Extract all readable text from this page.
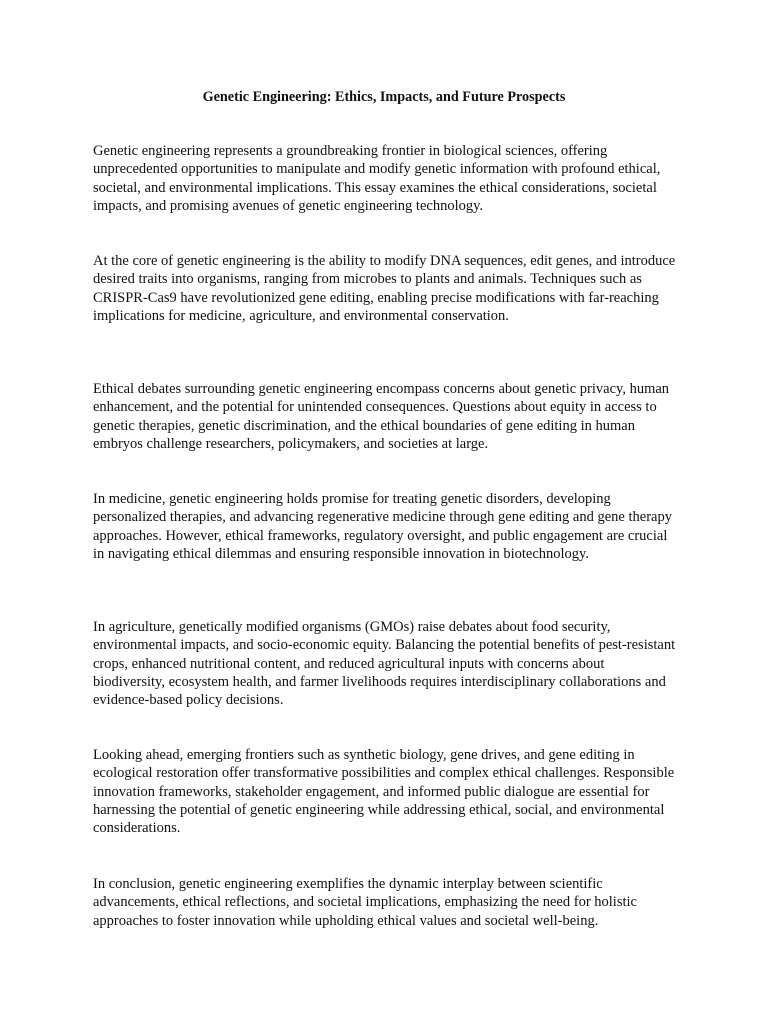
Genetic Engineering: Ethics, Impacts, and Future Prospects

Genetic engineering represents a groundbreaking frontier in biological sciences, offering unprecedented opportunities to manipulate and modify genetic information with profound ethical, societal, and environmental implications. This essay examines the ethical considerations, societal impacts, and promising avenues of genetic engineering technology.

At the core of genetic engineering is the ability to modify DNA sequences, edit genes, and introduce desired traits into organisms, ranging from microbes to plants and animals. Techniques such as CRISPR-Cas9 have revolutionized gene editing, enabling precise modifications with far-reaching implications for medicine, agriculture, and environmental conservation.

Ethical debates surrounding genetic engineering encompass concerns about genetic privacy, human enhancement, and the potential for unintended consequences. Questions about equity in access to genetic therapies, genetic discrimination, and the ethical boundaries of gene editing in human embryos challenge researchers, policymakers, and societies at large.

In medicine, genetic engineering holds promise for treating genetic disorders, developing personalized therapies, and advancing regenerative medicine through gene editing and gene therapy approaches. However, ethical frameworks, regulatory oversight, and public engagement are crucial in navigating ethical dilemmas and ensuring responsible innovation in biotechnology.

In agriculture, genetically modified organisms (GMOs) raise debates about food security, environmental impacts, and socio-economic equity. Balancing the potential benefits of pest-resistant crops, enhanced nutritional content, and reduced agricultural inputs with concerns about biodiversity, ecosystem health, and farmer livelihoods requires interdisciplinary collaborations and evidence-based policy decisions.

Looking ahead, emerging frontiers such as synthetic biology, gene drives, and gene editing in ecological restoration offer transformative possibilities and complex ethical challenges. Responsible innovation frameworks, stakeholder engagement, and informed public dialogue are essential for harnessing the potential of genetic engineering while addressing ethical, social, and environmental considerations.

In conclusion, genetic engineering exemplifies the dynamic interplay between scientific advancements, ethical reflections, and societal implications, emphasizing the need for holistic approaches to foster innovation while upholding ethical values and societal well-being.
